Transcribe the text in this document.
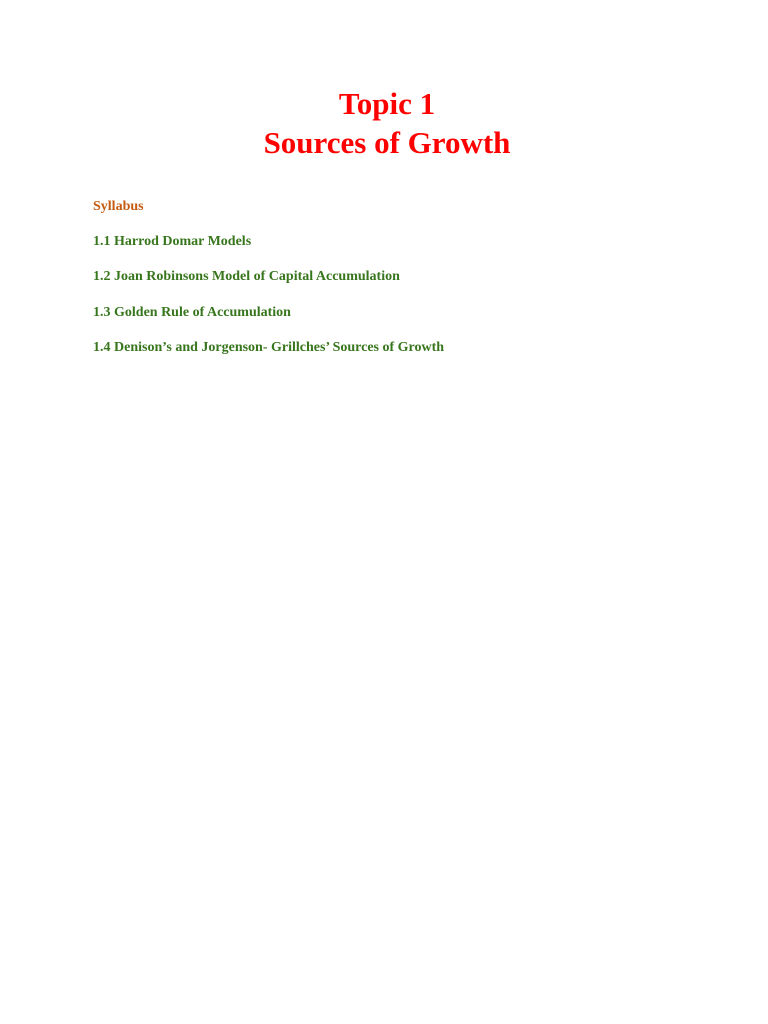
Topic 1
Sources of Growth
Syllabus
1.1 Harrod Domar Models
1.2 Joan Robinsons Model of Capital Accumulation
1.3 Golden Rule of Accumulation
1.4 Denison’s and Jorgenson- Grillches’ Sources of Growth
